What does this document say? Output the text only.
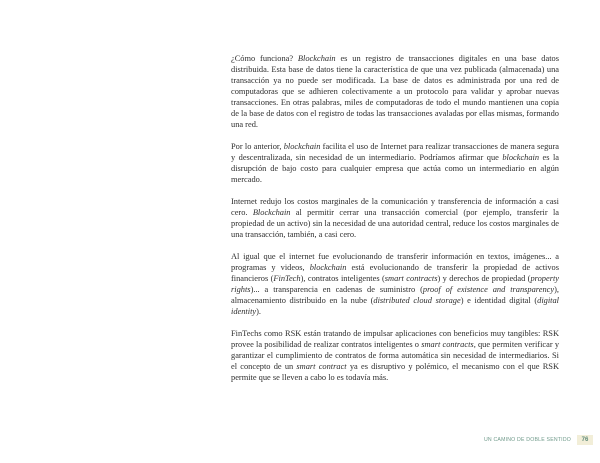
¿Cómo funciona? Blockchain es un registro de transacciones digitales en una base datos distribuida. Esta base de datos tiene la característica de que una vez publicada (almacenada) una transacción ya no puede ser modificada. La base de datos es administrada por una red de computadoras que se adhieren colectivamente a un protocolo para validar y aprobar nuevas transacciones. En otras palabras, miles de computadoras de todo el mundo mantienen una copia de la base de datos con el registro de todas las transacciones avaladas por ellas mismas, formando una red.

Por lo anterior, blockchain facilita el uso de Internet para realizar transacciones de manera segura y descentralizada, sin necesidad de un intermediario. Podríamos afirmar que blockchain es la disrupción de bajo costo para cualquier empresa que actúa como un intermediario en algún mercado.

Internet redujo los costos marginales de la comunicación y transferencia de información a casi cero. Blockchain al permitir cerrar una transacción comercial (por ejemplo, transferir la propiedad de un activo) sin la necesidad de una autoridad central, reduce los costos marginales de una transacción, también, a casi cero.

Al igual que el internet fue evolucionando de transferir información en textos, imágenes... a programas y videos, blockchain está evolucionando de transferir la propiedad de activos financieros (FinTech), contratos inteligentes (smart contracts) y derechos de propiedad (property rights)... a transparencia en cadenas de suministro (proof of existence and transparency), almacenamiento distribuido en la nube (distributed cloud storage) e identidad digital (digital identity).

FinTechs como RSK están tratando de impulsar aplicaciones con beneficios muy tangibles: RSK provee la posibilidad de realizar contratos inteligentes o smart contracts, que permiten verificar y garantizar el cumplimiento de contratos de forma automática sin necesidad de intermediarios. Si el concepto de un smart contract ya es disruptivo y polémico, el mecanismo con el que RSK permite que se lleven a cabo lo es todavía más.

UN CAMINO DE DOBLE SENTIDO	76
